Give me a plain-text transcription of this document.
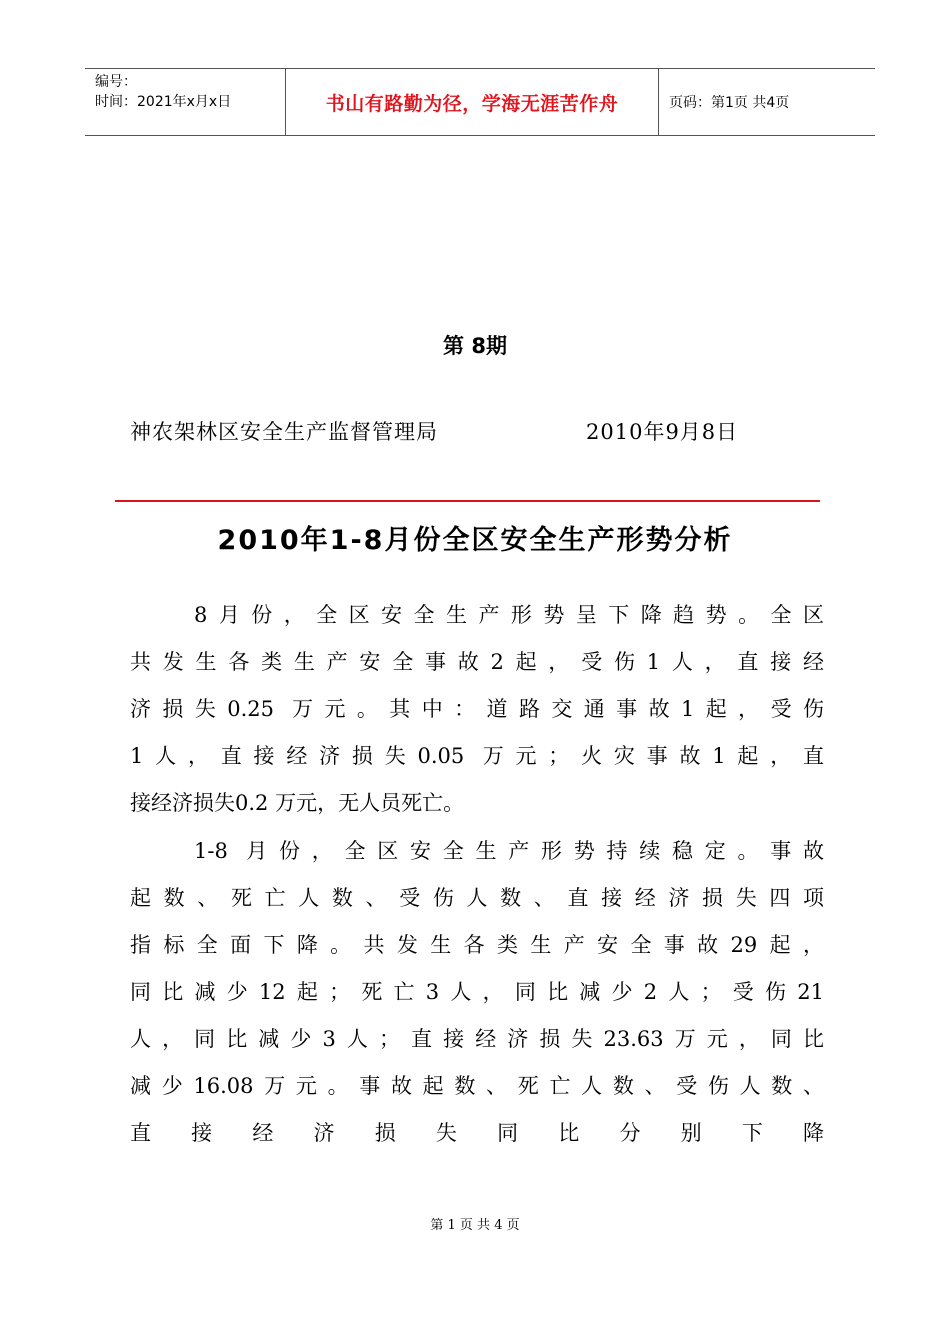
编号：
时间：2021年x月x日	书山有路勤为径，学海无涯苦作舟	页码：第1页 共4页
第 8期
神农架林区安全生产监督管理局	2010年9月8日
2010年1-8月份全区安全生产形势分析
8月份，全区安全生产形势呈下降趋势。全区
共发生各类生产安全事故2起，受伤1人，直接经
济损失0.25 万元。其中：道路交通事故1起，受伤
1人，直接经济损失0.05 万元；火灾事故1起，直
接经济损失0.2 万元，无人员死亡。
1-8 月份，全区安全生产形势持续稳定。事故
起数、死亡人数、受伤人数、直接经济损失四项
指标全面下降。共发生各类生产安全事故29起，
同比减少12起；死亡3人，同比减少2人；受伤21
人，同比减少3人；直接经济损失23.63万元，同比
减少16.08万元。事故起数、死亡人数、受伤人数、
直接经济损失同比分别下降
第 1 页 共 4 页
